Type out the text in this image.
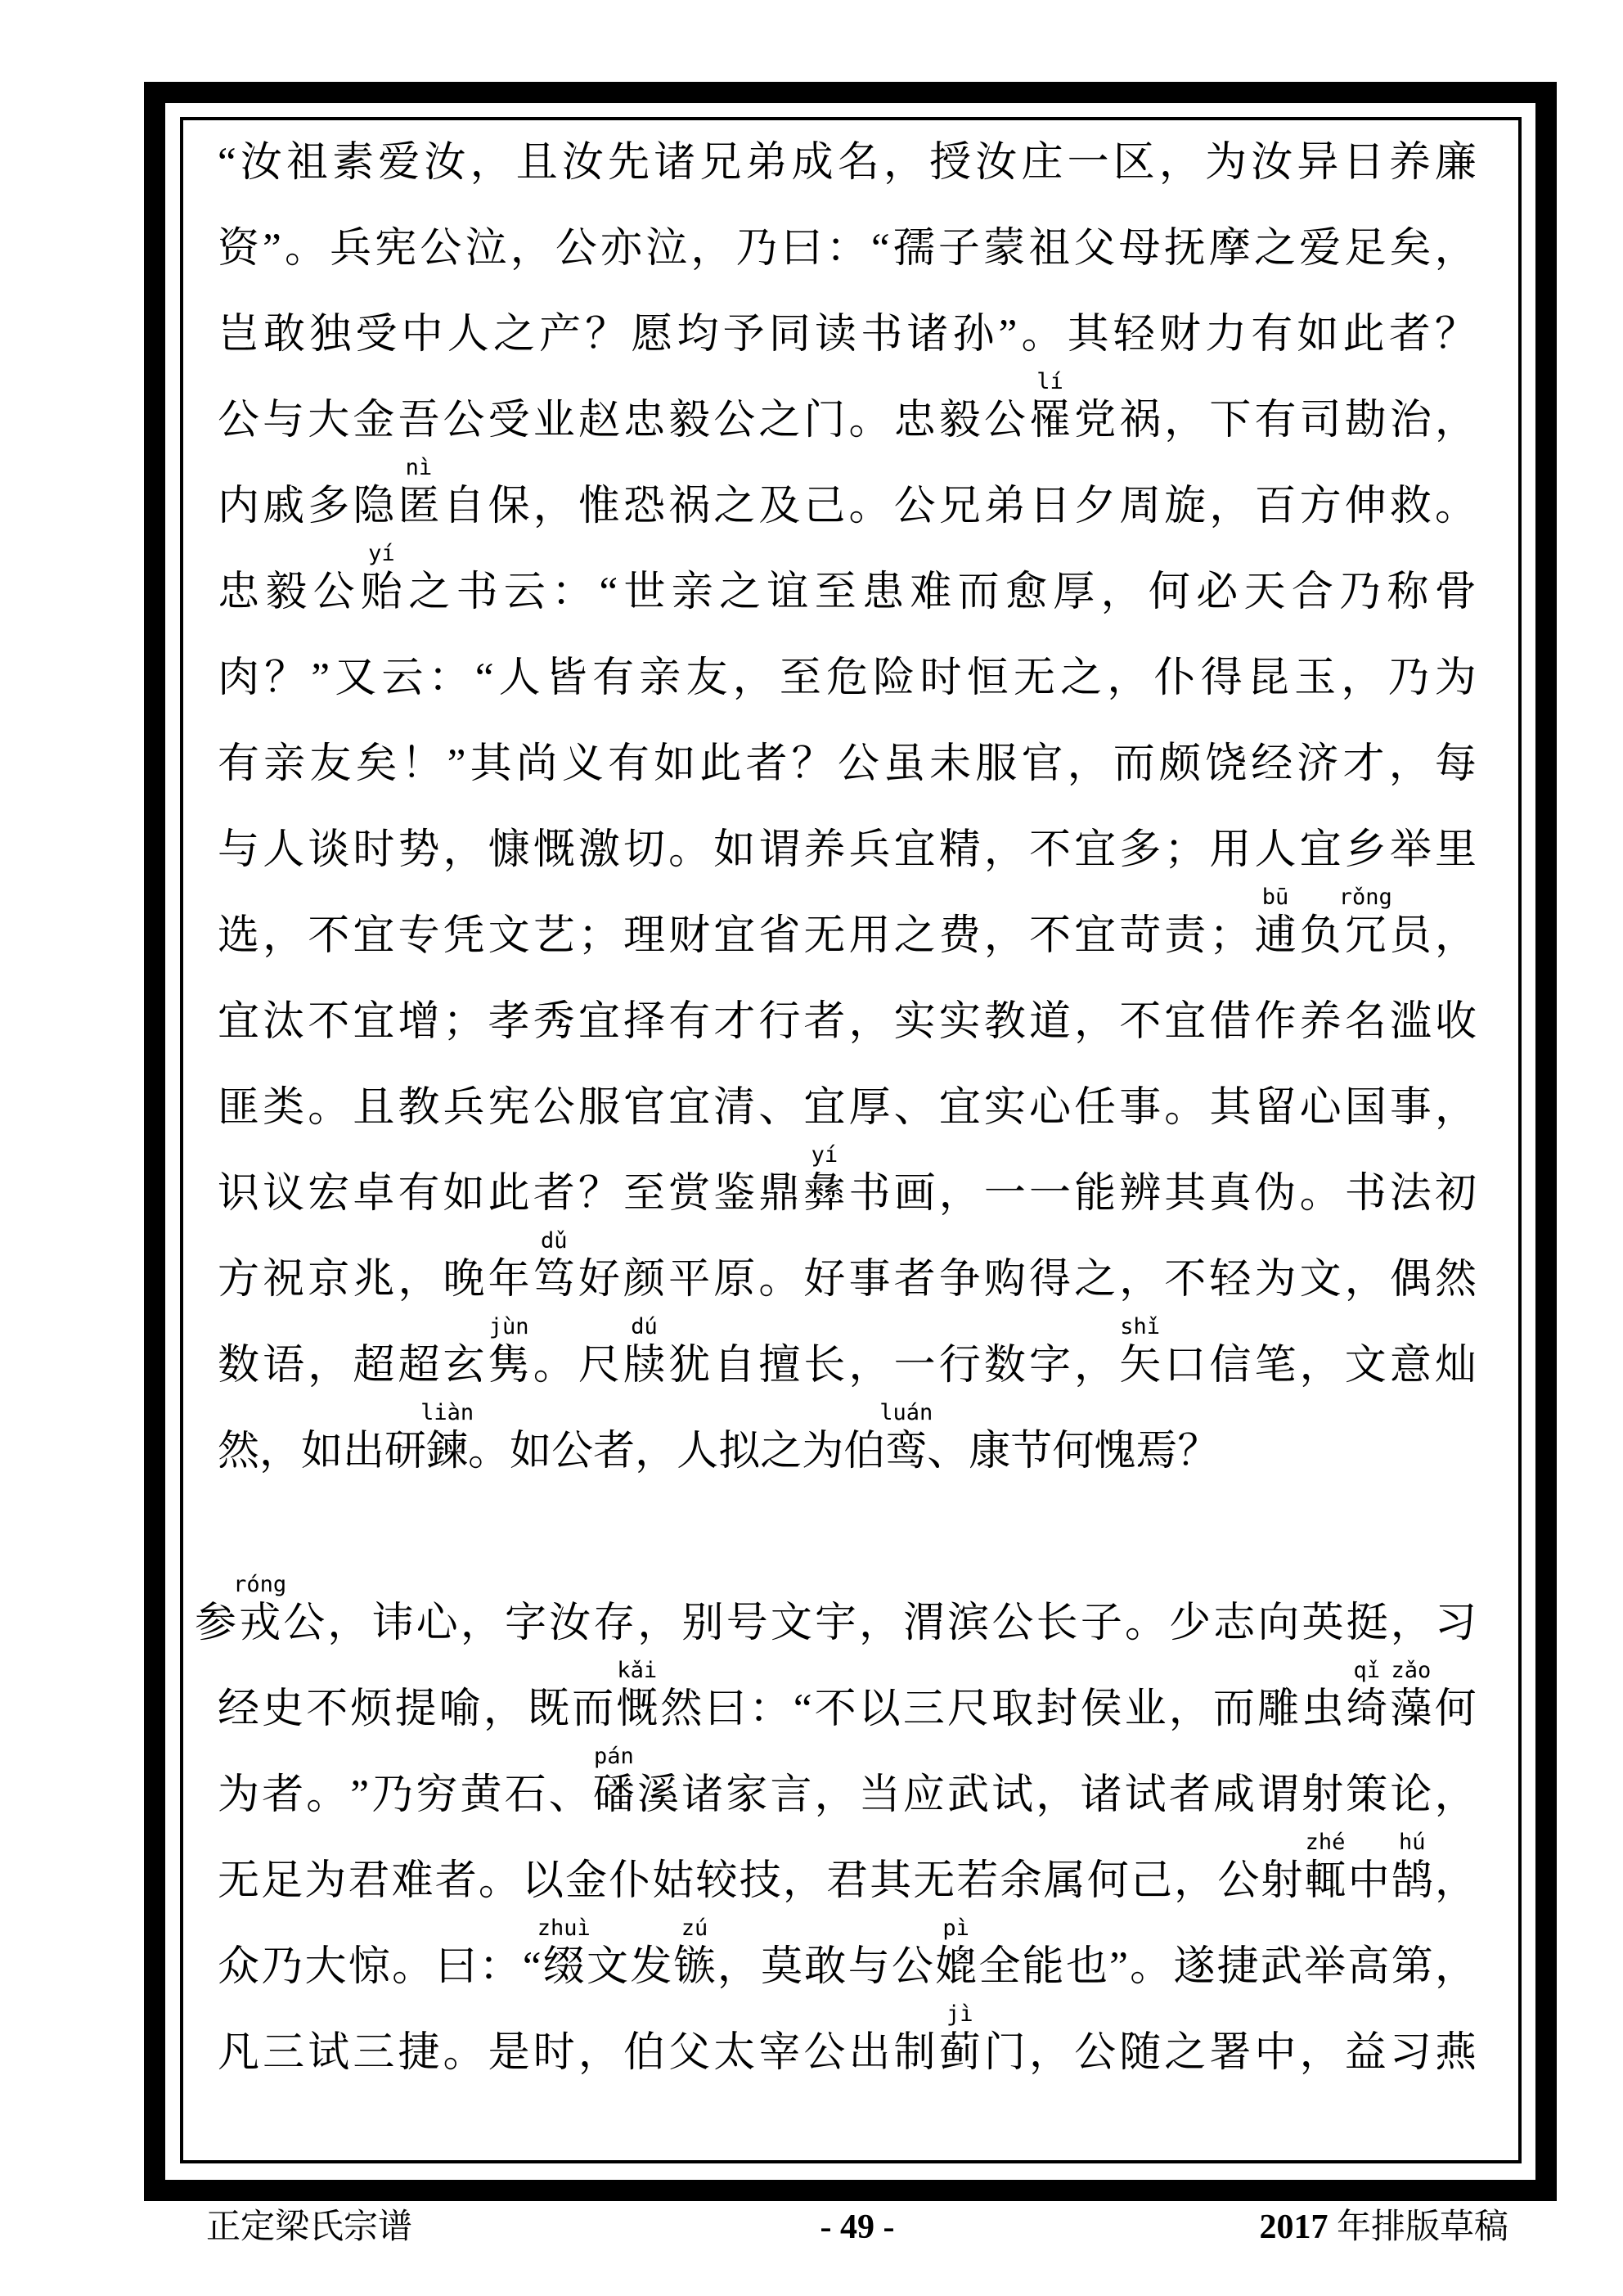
“ 汝 祖 素 爱 汝 ， 且 汝 先 诸 兄 弟 成 名 ， 授 汝 庄 一 区 ， 为 汝 异 日 养 廉
资 ” 。 兵 宪 公 泣 ， 公 亦 泣 ， 乃 曰 ： “ 孺 子 蒙 祖 父 母 抚 摩 之 爱 足 矣 ，
岂 敢 独 受 中 人 之 产 ？ 愿 均 予 同 读 书 诸 孙 ” 。 其 轻 财 力 有 如 此 者 ？
公 与 大 金 吾 公 受 业 赵 忠 毅 公 之 门 。 忠 毅 公 罹
lí
党 祸 ， 下 有 司 勘 治 ，
内 戚 多 隐 匿
nì
自 保 ， 惟 恐 祸 之 及 己 。 公 兄 弟 日 夕 周 旋 ， 百 方 伸 救 。
忠 毅 公 贻
yí
之 书 云 ： “ 世 亲 之 谊 至 患 难 而 愈 厚 ， 何 必 天 合 乃 称 骨
肉 ？ ” 又 云 ： “ 人 皆 有 亲 友 ， 至 危 险 时 恒 无 之 ， 仆 得 昆 玉 ， 乃 为
有 亲 友 矣 ！ ” 其 尚 义 有 如 此 者 ？ 公 虽 未 服 官 ， 而 颇 饶 经 济 才 ， 每
与 人 谈 时 势 ， 慷 慨 激 切 。 如 谓 养 兵 宜 精 ， 不 宜 多 ； 用 人 宜 乡 举 里
选 ， 不 宜 专 凭 文 艺 ； 理 财 宜 省 无 用 之 费 ， 不 宜 苛 责 ； 逋
bū
负 冗
rǒng
员 ，
宜 汰 不 宜 增 ； 孝 秀 宜 择 有 才 行 者 ， 实 实 教 道 ， 不 宜 借 作 养 名 滥 收
匪 类 。 且 教 兵 宪 公 服 官 宜 清 、 宜 厚 、 宜 实 心 任 事 。 其 留 心 国 事 ，
识 议 宏 卓 有 如 此 者 ？ 至 赏 鉴 鼎 彝
yí
书 画 ， 一 一 能 辨 其 真 伪 。 书 法 初
方 祝 京 兆 ， 晚 年 笃
dǔ
好 颜 平 原 。 好 事 者 争 购 得 之 ， 不 轻 为 文 ， 偶 然
数 语 ， 超 超 玄 隽
jùn
。 尺 牍
dú
犹 自 擅 长 ， 一 行 数 字 ， 矢
shǐ
口 信 笔 ， 文 意 灿
然，如出研鍊
liàn
。如公者，人拟之为伯鸾
luán
、康节何愧焉？
参 戎
róng
公 ， 讳 心 ， 字 汝 存 ， 别 号 文 宇 ， 渭 滨 公 长 子 。 少 志 向 英 挺 ， 习
经 史 不 烦 提 喻 ， 既 而 慨
kǎi
然 曰 ： “ 不 以 三 尺 取 封 侯 业 ， 而 雕 虫 绮
qǐ
藻
zǎo
何
为 者 。 ” 乃 穷 黄 石 、 磻
pán
溪 诸 家 言 ， 当 应 武 试 ， 诸 试 者 咸 谓 射 策 论 ，
无 足 为 君 难 者 。 以 金 仆 姑 较 技 ， 君 其 无 若 余 属 何 己 ， 公 射 輒
zhé
中 鹄
hú
，
众 乃 大 惊 。 曰 ： “ 缀
zhuì
文 发 镞
zú
， 莫 敢 与 公 媲
pì
全 能 也 ” 。 遂 捷 武 举 高 第 ，
凡 三 试 三 捷 。 是 时 ， 伯 父 太 宰 公 出 制 蓟
jì
门 ， 公 随 之 署 中 ， 益 习 燕
正定梁氏宗谱	- 49 -	2017 年排版草稿
